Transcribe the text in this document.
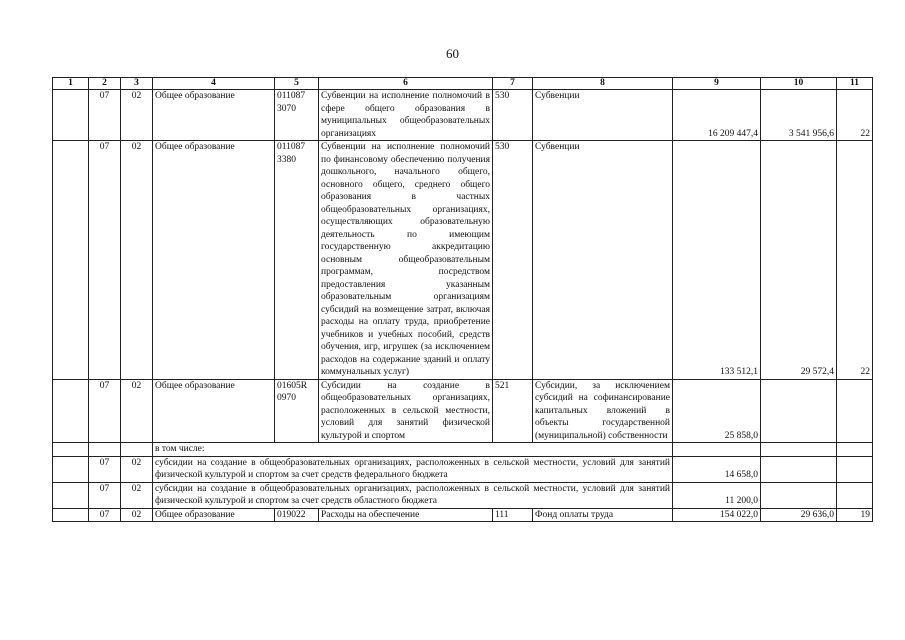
60
1	2	3	4	5	6	7	8	9	10	11
	07	02	Общее образование	011087 3070	Субвенции на исполнение полномочий в сфере общего образования в муниципальных общеобразовательных организациях	530	Субвенции	16 209 447,4	3 541 956,6	22
	07	02	Общее образование	011087 3380	Субвенции на исполнение полномочий по финансовому обеспечению получения дошкольного, начального общего, основного общего, среднего общего образования в частных общеобразовательных организациях, осуществляющих образовательную деятельность по имеющим государственную аккредитацию основным общеобразовательным программам, посредством предоставления указанным образовательным организациям субсидий на возмещение затрат, включая расходы на оплату труда, приобретение учебников и учебных пособий, средств обучения, игр, игрушек (за исключением расходов на содержание зданий и оплату коммунальных услуг)	530	Субвенции	133 512,1	29 572,4	22
	07	02	Общее образование	01605R 0970	Субсидии на создание в общеобразовательных организациях, расположенных в сельской местности, условий для занятий физической культурой и спортом	521	Субсидии, за исключением субсидий на софинансирование капитальных вложений в объекты государственной (муниципальной) собственности	25 858,0		
			в том числе:							
	07	02	субсидии на создание в общеобразовательных организациях, расположенных в сельской местности, условий для занятий физической культурой и спортом за счет средств федерального бюджета					14 658,0		
	07	02	субсидии на создание в общеобразовательных организациях, расположенных в сельской местности, условий для занятий физической культурой и спортом за счет средств областного бюджета					11 200,0		
	07	02	Общее образование	019022	Расходы на обеспечение	111	Фонд оплаты труда	154 022,0	29 636,0	19
